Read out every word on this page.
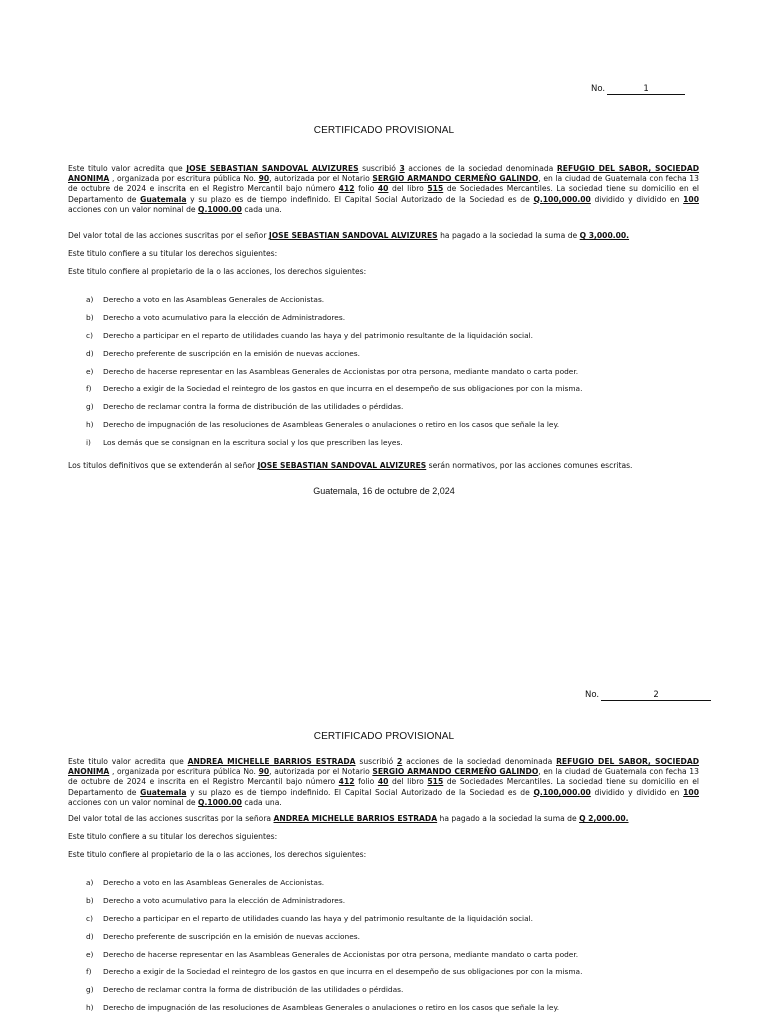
No.	1
CERTIFICADO PROVISIONAL
Este titulo valor acredita que JOSE SEBASTIAN SANDOVAL ALVIZURES suscribió 3 acciones de la sociedad denominada REFUGIO DEL SABOR, SOCIEDAD ANONIMA , organizada por escritura pública No. 90, autorizada por el Notario SERGIO ARMANDO CERMEÑO GALINDO, en la ciudad de Guatemala con fecha 13 de octubre de 2024 e inscrita en el Registro Mercantil bajo número 412 folio 40 del libro 515 de Sociedades Mercantiles. La sociedad tiene su domicilio en el Departamento de Guatemala y su plazo es de tiempo indefinido. El Capital Social Autorizado de la Sociedad es de Q.100,000.00 dividido y dividido en 100 acciones con un valor nominal de Q.1000.00 cada una.
Del valor total de las acciones suscritas por el señor JOSE SEBASTIAN SANDOVAL ALVIZURES ha pagado a la sociedad la suma de Q 3,000.00.
Este titulo confiere a su titular los derechos siguientes:
Este titulo confiere al propietario de la o las acciones, los derechos siguientes:
a) Derecho a voto en las Asambleas Generales de Accionistas.
b) Derecho a voto acumulativo para la elección de Administradores.
c) Derecho a participar en el reparto de utilidades cuando las haya y del patrimonio resultante de la liquidación social.
d) Derecho preferente de suscripción en la emisión de nuevas acciones.
e) Derecho de hacerse representar en las Asambleas Generales de Accionistas por otra persona, mediante mandato o carta poder.
f) Derecho a exigir de la Sociedad el reintegro de los gastos en que incurra en el desempeño de sus obligaciones por con la misma.
g) Derecho de reclamar contra la forma de distribución de las utilidades o pérdidas.
h) Derecho de impugnación de las resoluciones de Asambleas Generales o anulaciones o retiro en los casos que señale la ley.
i) Los demás que se consignan en la escritura social y los que prescriben las leyes.
Los titulos definitivos que se extenderán al señor JOSE SEBASTIAN SANDOVAL ALVIZURES serán normativos, por las acciones comunes escritas.
Guatemala, 16 de octubre de 2,024
No.	2
CERTIFICADO PROVISIONAL
Este titulo valor acredita que ANDREA MICHELLE BARRIOS ESTRADA suscribió 2 acciones de la sociedad denominada REFUGIO DEL SABOR, SOCIEDAD ANONIMA , organizada por escritura pública No. 90, autorizada por el Notario SERGIO ARMANDO CERMEÑO GALINDO, en la ciudad de Guatemala con fecha 13 de octubre de 2024 e inscrita en el Registro Mercantil bajo número 412 folio 40 del libro 515 de Sociedades Mercantiles. La sociedad tiene su domicilio en el Departamento de Guatemala y su plazo es de tiempo indefinido. El Capital Social Autorizado de la Sociedad es de Q.100,000.00 dividido y dividido en 100 acciones con un valor nominal de Q.1000.00 cada una.
Del valor total de las acciones suscritas por la señora ANDREA MICHELLE BARRIOS ESTRADA ha pagado a la sociedad la suma de Q 2,000.00.
Este titulo confiere a su titular los derechos siguientes:
Este titulo confiere al propietario de la o las acciones, los derechos siguientes:
a) Derecho a voto en las Asambleas Generales de Accionistas.
b) Derecho a voto acumulativo para la elección de Administradores.
c) Derecho a participar en el reparto de utilidades cuando las haya y del patrimonio resultante de la liquidación social.
d) Derecho preferente de suscripción en la emisión de nuevas acciones.
e) Derecho de hacerse representar en las Asambleas Generales de Accionistas por otra persona, mediante mandato o carta poder.
f) Derecho a exigir de la Sociedad el reintegro de los gastos en que incurra en el desempeño de sus obligaciones por con la misma.
g) Derecho de reclamar contra la forma de distribución de las utilidades o pérdidas.
h) Derecho de impugnación de las resoluciones de Asambleas Generales o anulaciones o retiro en los casos que señale la ley.
